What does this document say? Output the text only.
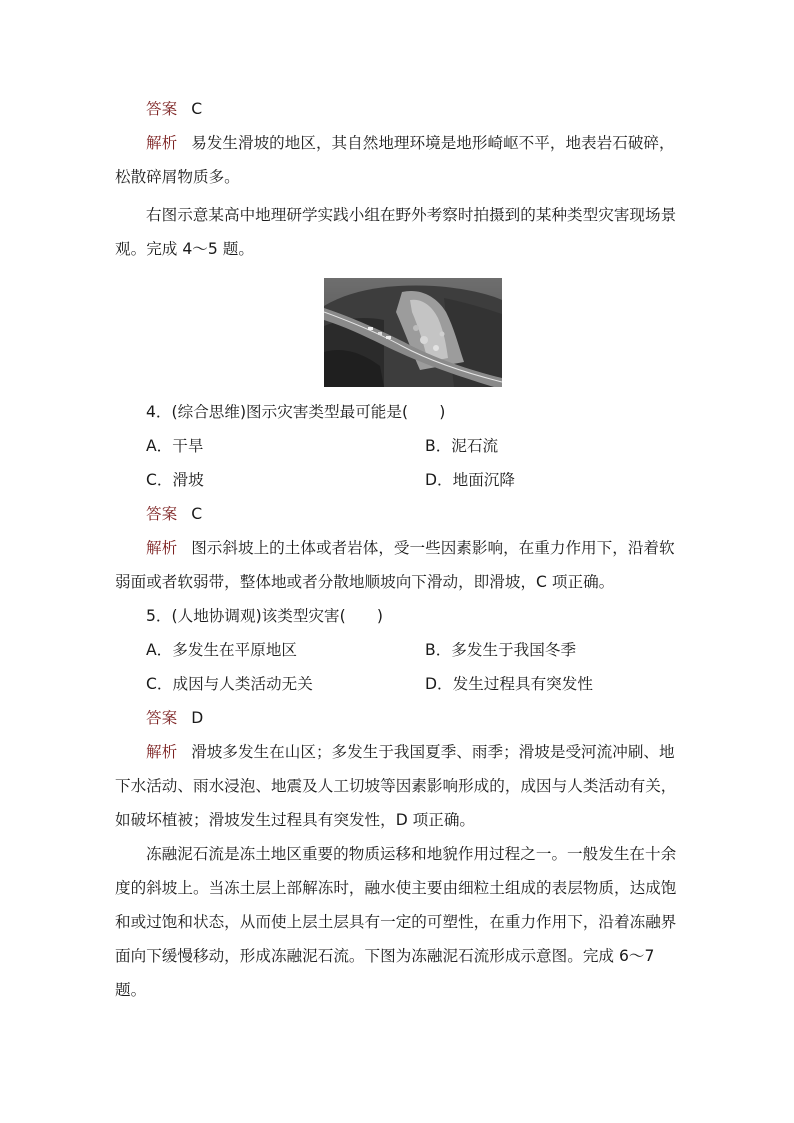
答案 C

解析 易发生滑坡的地区，其自然地理环境是地形崎岖不平，地表岩石破碎，松散碎屑物质多。

右图示意某高中地理研学实践小组在野外考察时拍摄到的某种类型灾害现场景观。完成 4～5 题。

4．(综合思维)图示灾害类型最可能是(　　)

A．干旱	B．泥石流
C．滑坡	D．地面沉降

答案 C

解析 图示斜坡上的土体或者岩体，受一些因素影响，在重力作用下，沿着软弱面或者软弱带，整体地或者分散地顺坡向下滑动，即滑坡，C 项正确。

5．(人地协调观)该类型灾害(　　)

A．多发生在平原地区	B．多发生于我国冬季
C．成因与人类活动无关	D．发生过程具有突发性

答案 D

解析 滑坡多发生在山区；多发生于我国夏季、雨季；滑坡是受河流冲刷、地下水活动、雨水浸泡、地震及人工切坡等因素影响形成的，成因与人类活动有关，如破坏植被；滑坡发生过程具有突发性，D 项正确。

冻融泥石流是冻土地区重要的物质运移和地貌作用过程之一。一般发生在十余度的斜坡上。当冻土层上部解冻时，融水使主要由细粒土组成的表层物质，达成饱和或过饱和状态，从而使上层土层具有一定的可塑性，在重力作用下，沿着冻融界面向下缓慢移动，形成冻融泥石流。下图为冻融泥石流形成示意图。完成 6～7 题。
